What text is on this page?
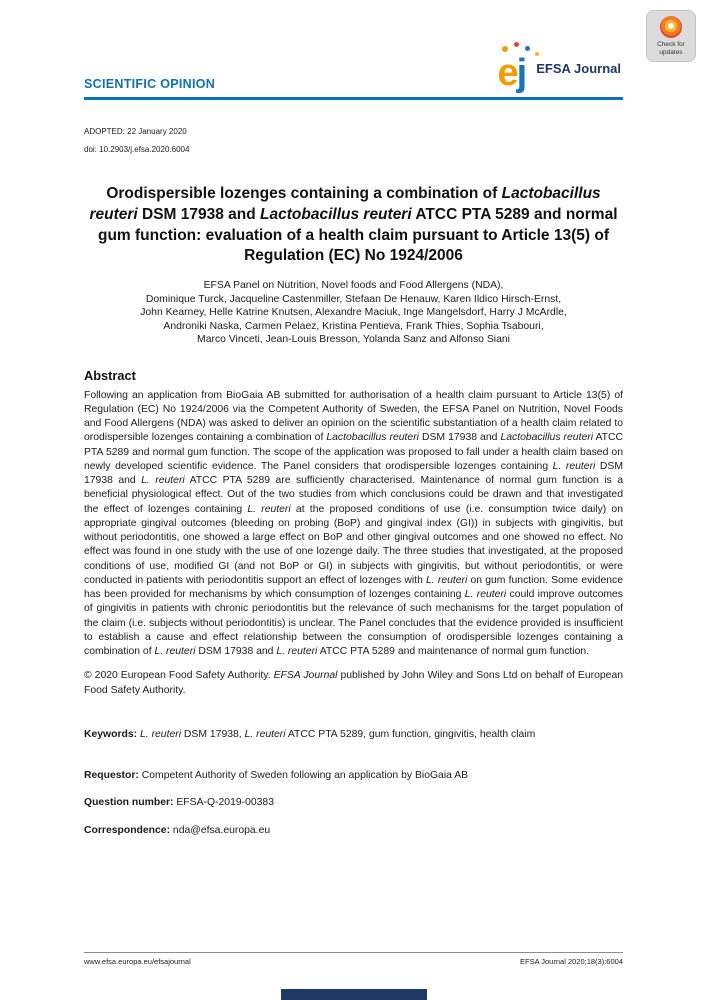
ej EFSA Journal
Check for updates
SCIENTIFIC OPINION
ADOPTED: 22 January 2020
doi: 10.2903/j.efsa.2020.6004
Orodispersible lozenges containing a combination of Lactobacillus reuteri DSM 17938 and Lactobacillus reuteri ATCC PTA 5289 and normal gum function: evaluation of a health claim pursuant to Article 13(5) of Regulation (EC) No 1924/2006
EFSA Panel on Nutrition, Novel foods and Food Allergens (NDA),
Dominique Turck, Jacqueline Castenmiller, Stefaan De Henauw, Karen Ildico Hirsch-Ernst,
John Kearney, Helle Katrine Knutsen, Alexandre Maciuk, Inge Mangelsdorf, Harry J McArdle,
Androniki Naska, Carmen Pelaez, Kristina Pentieva, Frank Thies, Sophia Tsabouri,
Marco Vinceti, Jean-Louis Bresson, Yolanda Sanz and Alfonso Siani
Abstract

Following an application from BioGaia AB submitted for authorisation of a health claim pursuant to Article 13(5) of Regulation (EC) No 1924/2006 via the Competent Authority of Sweden, the EFSA Panel on Nutrition, Novel Foods and Food Allergens (NDA) was asked to deliver an opinion on the scientific substantiation of a health claim related to orodispersible lozenges containing a combination of Lactobacillus reuteri DSM 17938 and Lactobacillus reuteri ATCC PTA 5289 and normal gum function. The scope of the application was proposed to fall under a health claim based on newly developed scientific evidence. The Panel considers that orodispersible lozenges containing L. reuteri DSM 17938 and L. reuteri ATCC PTA 5289 are sufficiently characterised. Maintenance of normal gum function is a beneficial physiological effect. Out of the two studies from which conclusions could be drawn and that investigated the effect of lozenges containing L. reuteri at the proposed conditions of use (i.e. consumption twice daily) on appropriate gingival outcomes (bleeding on probing (BoP) and gingival index (GI)) in subjects with gingivitis, but without periodontitis, one showed a large effect on BoP and other gingival outcomes and one showed no effect. No effect was found in one study with the use of one lozenge daily. The three studies that investigated, at the proposed conditions of use, modified GI (and not BoP or GI) in subjects with gingivitis, but without periodontitis, or were conducted in patients with periodontitis support an effect of lozenges with L. reuteri on gum function. Some evidence has been provided for mechanisms by which consumption of lozenges containing L. reuteri could improve outcomes of gingivitis in patients with chronic periodontitis but the relevance of such mechanisms for the target population of the claim (i.e. subjects without periodontitis) is unclear. The Panel concludes that the evidence provided is insufficient to establish a cause and effect relationship between the consumption of orodispersible lozenges containing a combination of L. reuteri DSM 17938 and L. reuteri ATCC PTA 5289 and maintenance of normal gum function.

© 2020 European Food Safety Authority. EFSA Journal published by John Wiley and Sons Ltd on behalf of European Food Safety Authority.

Keywords: L. reuteri DSM 17938, L. reuteri ATCC PTA 5289, gum function, gingivitis, health claim

Requestor: Competent Authority of Sweden following an application by BioGaia AB

Question number: EFSA-Q-2019-00383

Correspondence: nda@efsa.europa.eu

www.efsa.europa.eu/efsajournal	EFSA Journal 2020;18(3):6004
